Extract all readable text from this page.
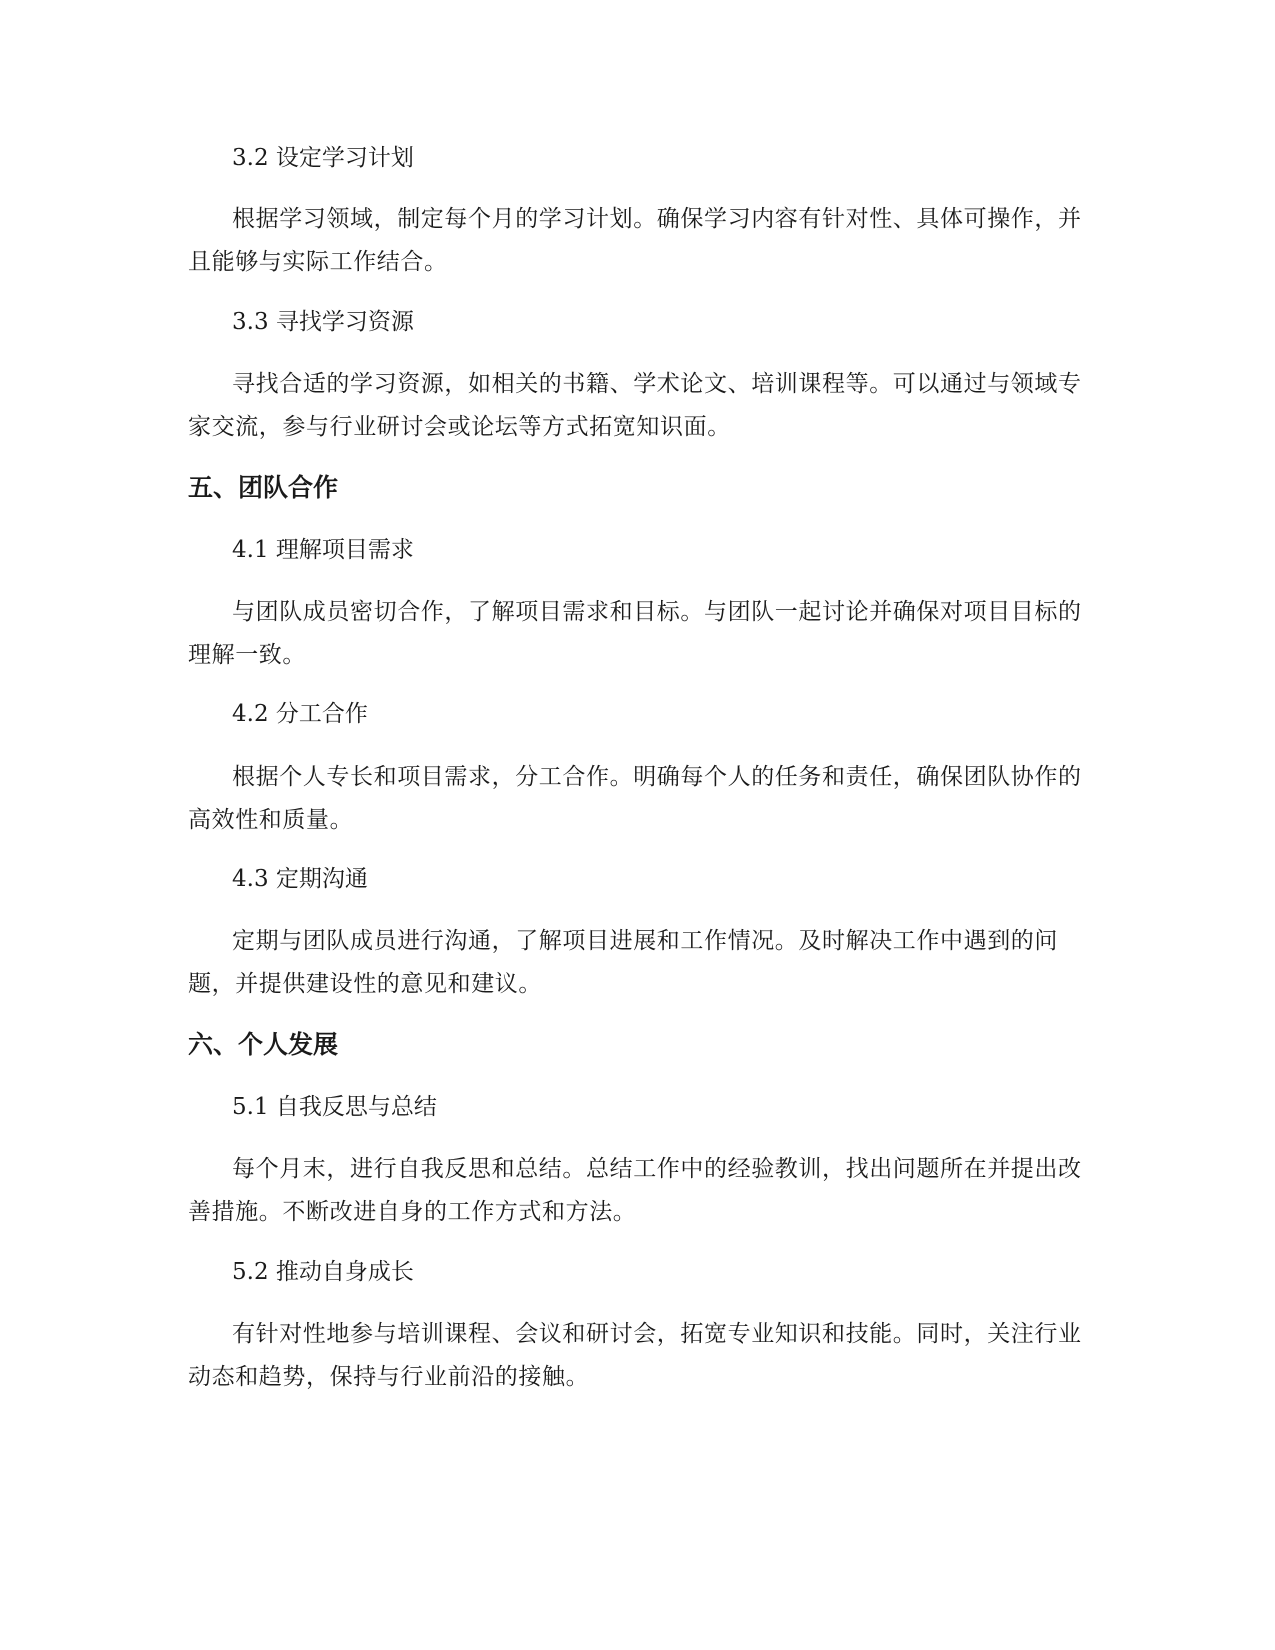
3.2 设定学习计划
根据学习领域，制定每个月的学习计划。确保学习内容有针对性、具体可操作，并且能够与实际工作结合。
3.3 寻找学习资源
寻找合适的学习资源，如相关的书籍、学术论文、培训课程等。可以通过与领域专家交流，参与行业研讨会或论坛等方式拓宽知识面。
五、团队合作
4.1 理解项目需求
与团队成员密切合作，了解项目需求和目标。与团队一起讨论并确保对项目目标的理解一致。
4.2 分工合作
根据个人专长和项目需求，分工合作。明确每个人的任务和责任，确保团队协作的高效性和质量。
4.3 定期沟通
定期与团队成员进行沟通，了解项目进展和工作情况。及时解决工作中遇到的问题，并提供建设性的意见和建议。
六、个人发展
5.1 自我反思与总结
每个月末，进行自我反思和总结。总结工作中的经验教训，找出问题所在并提出改善措施。不断改进自身的工作方式和方法。
5.2 推动自身成长
有针对性地参与培训课程、会议和研讨会，拓宽专业知识和技能。同时，关注行业动态和趋势，保持与行业前沿的接触。
